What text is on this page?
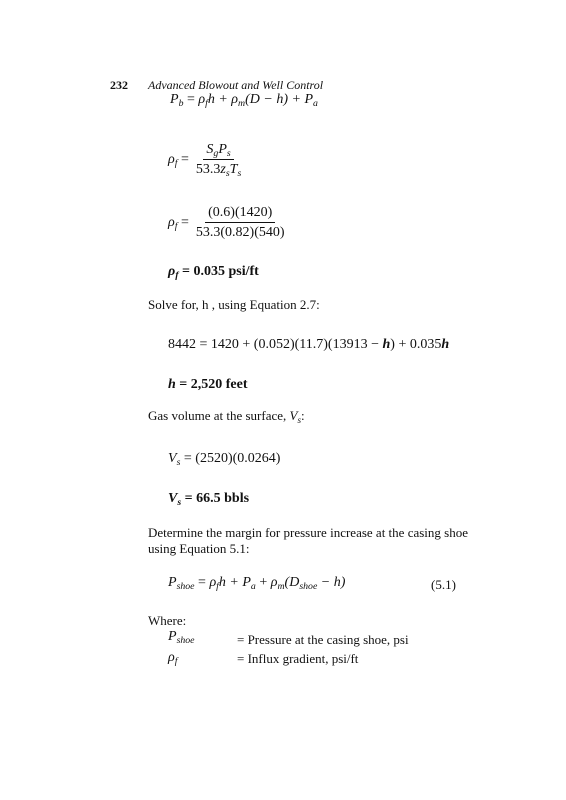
232 Advanced Blowout and Well Control
$P_b = \rho_fh + \rho_m(D - h) + P_a$
$\rho_f = \frac{S_gP_s}{53.3z_sT_s}$
$\rho_f = \frac{(0.6)(1420)}{53.3(0.82)(540)}$
$\rho_f = 0.035$ psi/ft
Solve for, h , using Equation 2.7:
8442 = 1420 + (0.052)(11.7)(13913 − h) + 0.035h
h = 2,520 feet
Gas volume at the surface, $V_s$:
$V_s = (2520)(0.0264)$
$V_s = 66.5$ bbls
Determine the margin for pressure increase at the casing shoe using Equation 5.1:
$P_{shoe} = \rho_fh + P_a + \rho_m(D_{shoe} - h)$	(5.1)
Where:
$P_{shoe}$	= Pressure at the casing shoe, psi
$\rho_f$	= Influx gradient, psi/ft
